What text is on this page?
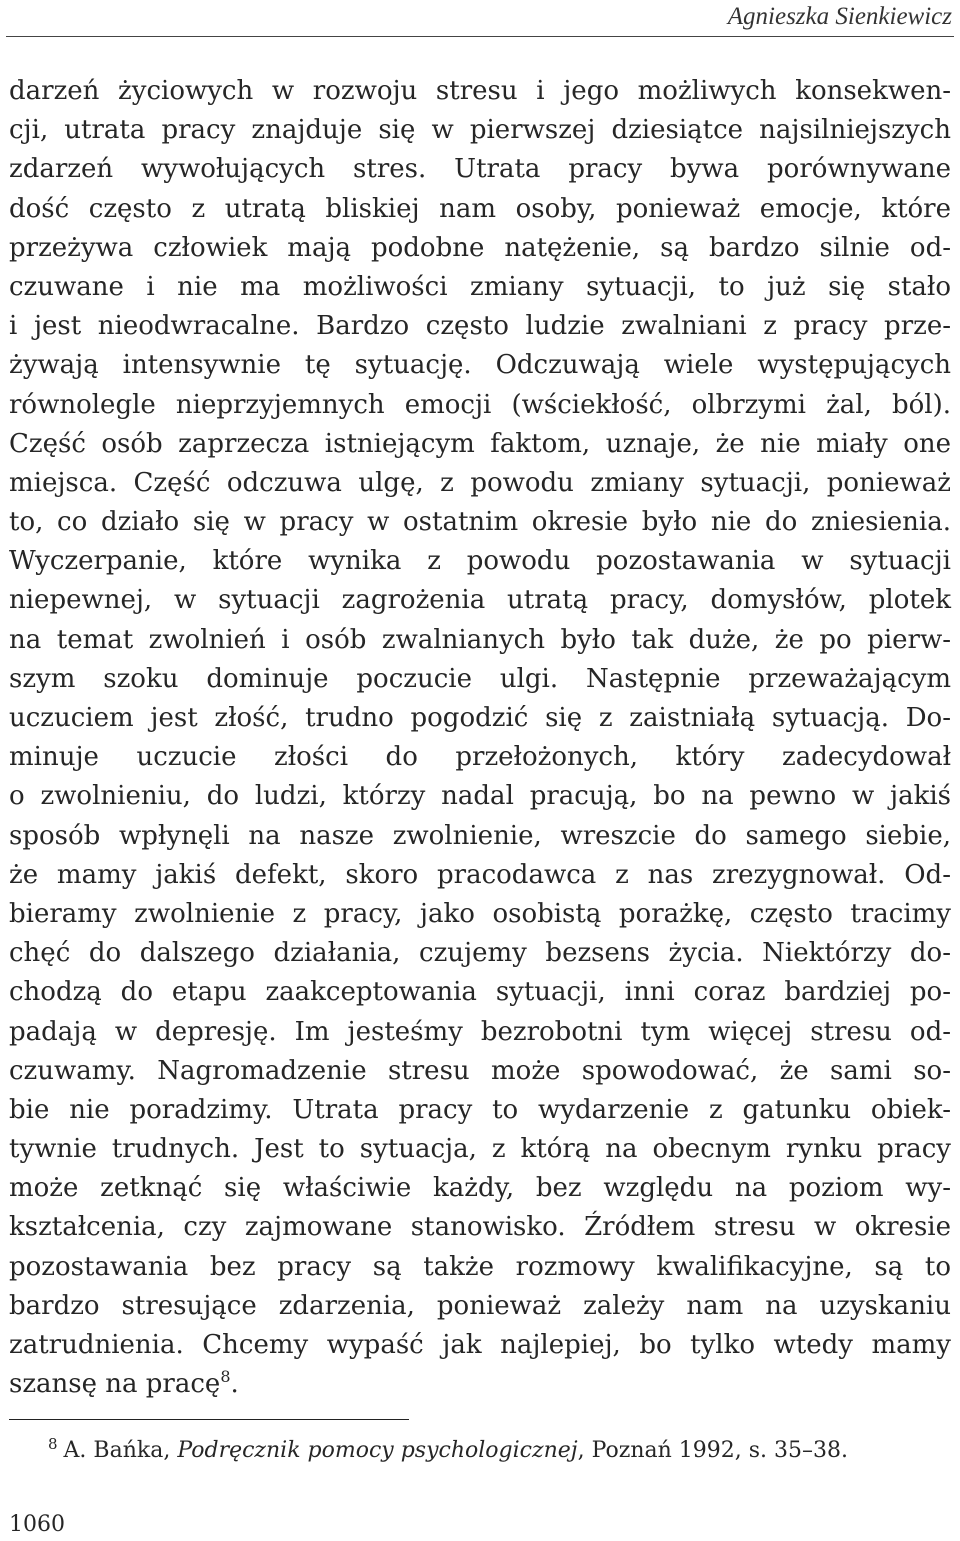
Agnieszka Sienkiewicz
darzeń życiowych w rozwoju stresu i jego możliwych konsekwen-
cji, utrata pracy znajduje się w pierwszej dziesiątce najsilniejszych
zdarzeń wywołujących stres. Utrata pracy bywa porównywane
dość często z utratą bliskiej nam osoby, ponieważ emocje, które
przeżywa człowiek mają podobne natężenie, są bardzo silnie od-
czuwane i nie ma możliwości zmiany sytuacji, to już się stało
i jest nieodwracalne. Bardzo często ludzie zwalniani z pracy prze-
żywają intensywnie tę sytuację. Odczuwają wiele występujących
równolegle nieprzyjemnych emocji (wściekłość, olbrzymi żal, ból).
Część osób zaprzecza istniejącym faktom, uznaje, że nie miały one
miejsca. Część odczuwa ulgę, z powodu zmiany sytuacji, ponieważ
to, co działo się w pracy w ostatnim okresie było nie do zniesienia.
Wyczerpanie, które wynika z powodu pozostawania w sytuacji
niepewnej, w sytuacji zagrożenia utratą pracy, domysłów, plotek
na temat zwolnień i osób zwalnianych było tak duże, że po pierw-
szym szoku dominuje poczucie ulgi. Następnie przeważającym
uczuciem jest złość, trudno pogodzić się z zaistniałą sytuacją. Do-
minuje uczucie złości do przełożonych, który zadecydował
o zwolnieniu, do ludzi, którzy nadal pracują, bo na pewno w jakiś
sposób wpłynęli na nasze zwolnienie, wreszcie do samego siebie,
że mamy jakiś defekt, skoro pracodawca z nas zrezygnował. Od-
bieramy zwolnienie z pracy, jako osobistą porażkę, często tracimy
chęć do dalszego działania, czujemy bezsens życia. Niektórzy do-
chodzą do etapu zaakceptowania sytuacji, inni coraz bardziej po-
padają w depresję. Im jesteśmy bezrobotni tym więcej stresu od-
czuwamy. Nagromadzenie stresu może spowodować, że sami so-
bie nie poradzimy. Utrata pracy to wydarzenie z gatunku obiek-
tywnie trudnych. Jest to sytuacja, z którą na obecnym rynku pracy
może zetknąć się właściwie każdy, bez względu na poziom wy-
kształcenia, czy zajmowane stanowisko. Źródłem stresu w okresie
pozostawania bez pracy są także rozmowy kwalifikacyjne, są to
bardzo stresujące zdarzenia, ponieważ zależy nam na uzyskaniu
zatrudnienia. Chcemy wypaść jak najlepiej, bo tylko wtedy mamy
szansę na pracę$^8$.
$^8$ A. Bańka, Podręcznik pomocy psychologicznej, Poznań 1992, s. 35–38.
1060
